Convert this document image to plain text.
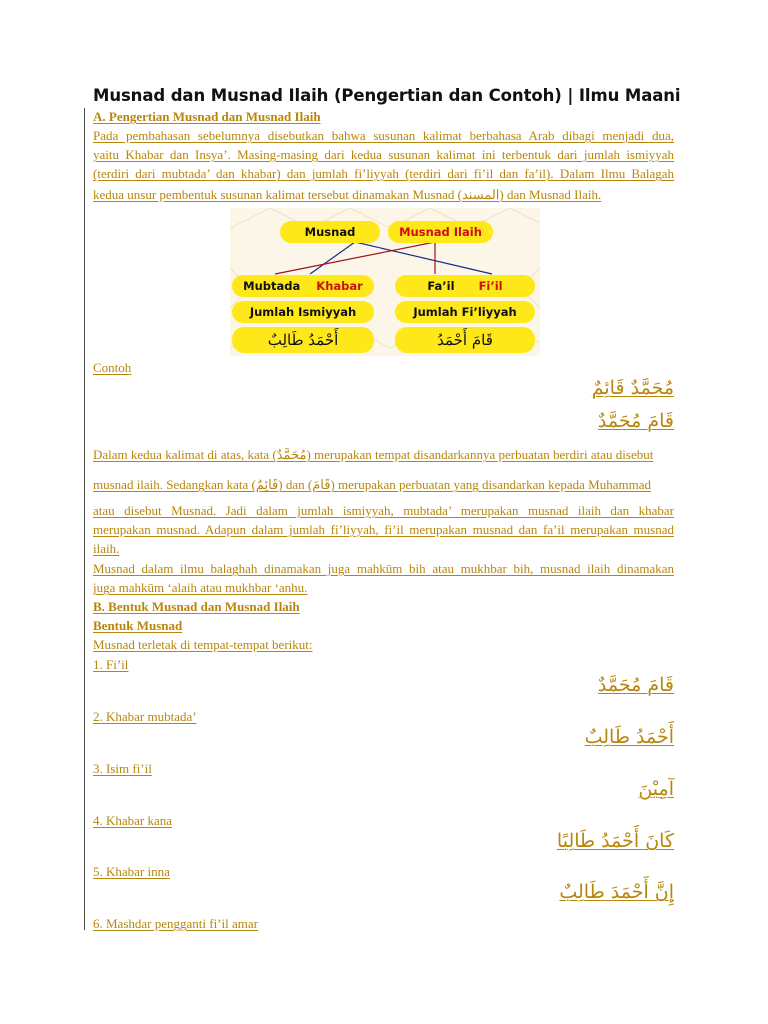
Musnad dan Musnad Ilaih (Pengertian dan Contoh) | Ilmu Maani
A. Pengertian Musnad dan Musnad Ilaih
Pada pembahasan sebelumnya disebutkan bahwa susunan kalimat berbahasa Arab dibagi menjadi dua,
yaitu Khabar dan Insya’. Masing-masing dari kedua susunan kalimat ini terbentuk dari jumlah ismiyyah
(terdiri dari mubtada’ dan khabar) dan jumlah fi’liyyah (terdiri dari fi’il dan fa’il). Dalam Ilmu Balagah
kedua unsur pembentuk susunan kalimat tersebut dinamakan Musnad (المسند) dan Musnad Ilaih.
Musnad	Musnad Ilaih
Mubtada Khabar	Fa’il Fi’il
Jumlah Ismiyyah	Jumlah Fi’liyyah
أَحْمَدُ طَالِبٌ	قَامَ أَحْمَدُ
Contoh
مُحَمَّدٌ قَائِمٌ
قَامَ مُحَمَّدٌ
Dalam kedua kalimat di atas, kata (مُحَمَّدٌ) merupakan tempat disandarkannya perbuatan berdiri atau disebut
musnad ilaih. Sedangkan kata (قَائِمٌ) dan (قَامَ) merupakan perbuatan yang disandarkan kepada Muhammad
atau disebut Musnad. Jadi dalam jumlah ismiyyah, mubtada’ merupakan musnad ilaih dan khabar
merupakan musnad. Adapun dalam jumlah fi’liyyah, fi’il merupakan musnad dan fa’il merupakan musnad
ilaih.
Musnad dalam ilmu balaghah dinamakan juga mahkūm bih atau mukhbar bih, musnad ilaih dinamakan
juga mahkūm ‘alaih atau mukhbar ‘anhu.
B. Bentuk Musnad dan Musnad Ilaih
Bentuk Musnad
Musnad terletak di tempat-tempat berikut:
1. Fi’il
قَامَ مُحَمَّدٌ
2. Khabar mubtada’
أَحْمَدُ طَالِبٌ
3. Isim fi’il
آمِيْنَ
4. Khabar kana
كَانَ أَحْمَدُ طَالِبًا
5. Khabar inna
إِنَّ أَحْمَدَ طَالِبٌ
6. Mashdar pengganti fi’il amar
